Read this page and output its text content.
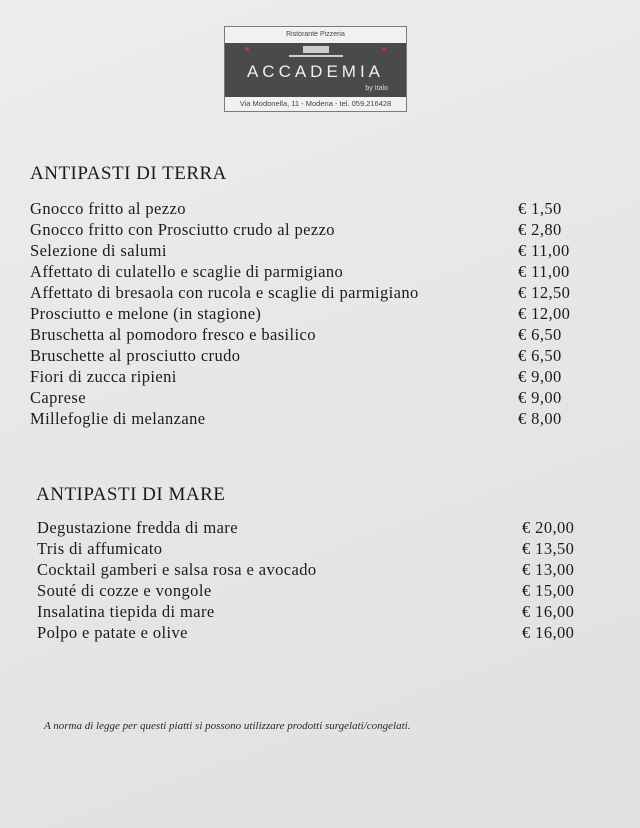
Ristorante Pizzeria
ACCADEMIA
by Italo
Via Modonella, 11 - Modena - tel. 059.216428
ANTIPASTI DI TERRA
Gnocco fritto al pezzo	€ 1,50
Gnocco fritto con Prosciutto crudo al pezzo	€ 2,80
Selezione di salumi	€ 11,00
Affettato di culatello e scaglie di parmigiano	€ 11,00
Affettato di bresaola con rucola e scaglie di parmigiano	€ 12,50
Prosciutto e melone (in stagione)	€ 12,00
Bruschetta al pomodoro fresco e basilico	€ 6,50
Bruschette al prosciutto crudo	€ 6,50
Fiori di zucca ripieni	€ 9,00
Caprese	€ 9,00
Millefoglie di melanzane	€ 8,00
ANTIPASTI DI MARE
Degustazione fredda di mare	€ 20,00
Tris di affumicato	€ 13,50
Cocktail gamberi e salsa rosa e avocado	€ 13,00
Souté di cozze e vongole	€ 15,00
Insalatina tiepida di mare	€ 16,00
Polpo e patate e olive	€ 16,00
A norma di legge per questi piatti si possono utilizzare prodotti surgelati/congelati.
